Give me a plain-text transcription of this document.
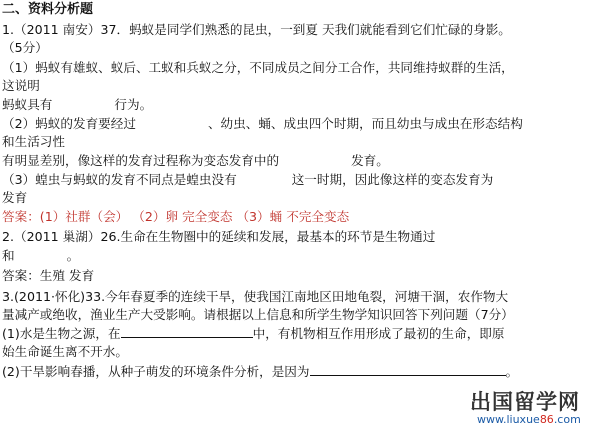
二、资料分析题
1.（2011 南安）37．蚂蚁是同学们熟悉的昆虫，一到夏 天我们就能看到它们忙碌的身影。
（5分）
（1）蚂蚁有雄蚁、蚁后、工蚁和兵蚁之分，不同成员之间分工合作，共同维持蚁群的生活，
这说明
蚂蚁具有	行为。
（2）蚂蚁的发育要经过	、幼虫、蛹、成虫四个时期，而且幼虫与成虫在形态结构
和生活习性
有明显差别，像这样的发育过程称为变态发育中的	发育。
（3）蝗虫与蚂蚁的发育不同点是蝗虫没有	这一时期，因此像这样的变态发育为
发育
答案：(1）社群（会） （2）卵 完全变态 （3）蛹 不完全变态
2.（2011 巢湖）26.生命在生物圈中的延续和发展，最基本的环节是生物通过
和	。
答案：生殖 发育
3.(2011·怀化)33.今年春夏季的连续干旱，使我国江南地区田地龟裂，河塘干涸，农作物大
量减产或绝收，渔业生产大受影响。请根据以上信息和所学生物学知识回答下列问题（7分）
(1)水是生物之源，在	中，有机物相互作用形成了最初的生命，即原
始生命诞生离不开水。
(2)干旱影响春播，从种子萌发的环境条件分析，是因为	。
出国留学网
www.liuxue86.com
